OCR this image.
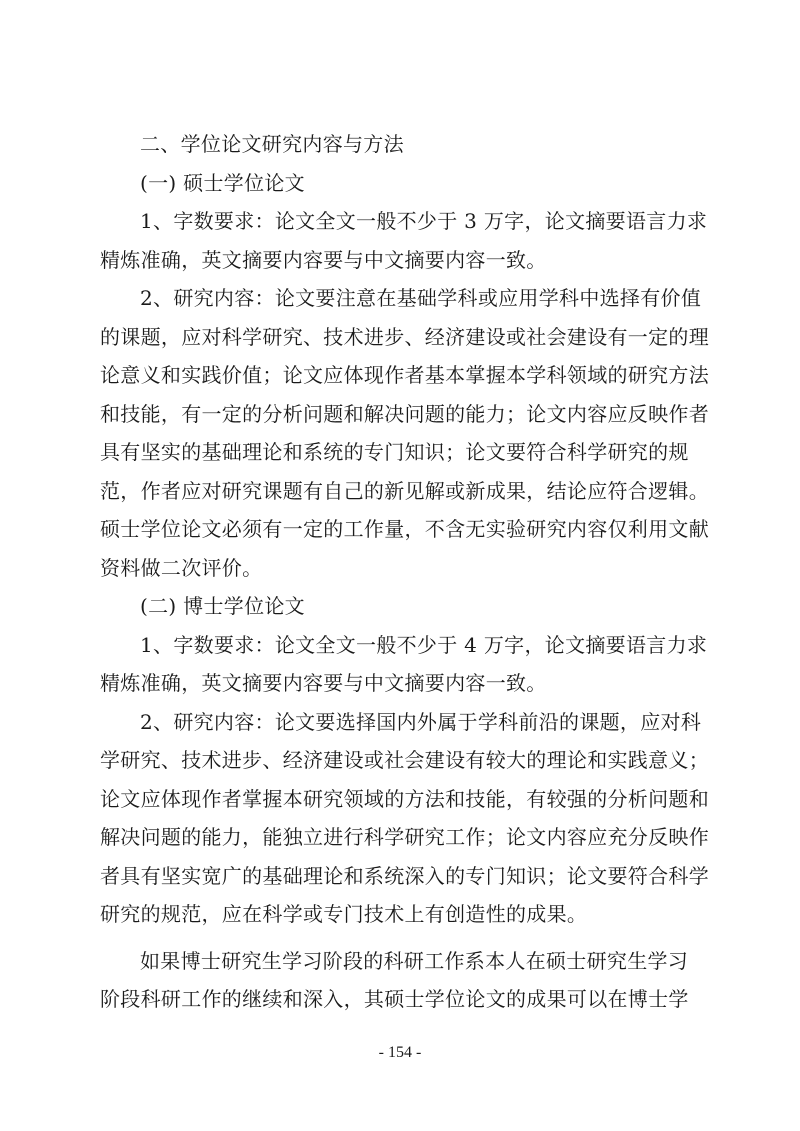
二、学位论文研究内容与方法
(一) 硕士学位论文
1、字数要求：论文全文一般不少于 3 万字，论文摘要语言力求
精炼准确，英文摘要内容要与中文摘要内容一致。
2、研究内容：论文要注意在基础学科或应用学科中选择有价值
的课题，应对科学研究、技术进步、经济建设或社会建设有一定的理
论意义和实践价值；论文应体现作者基本掌握本学科领域的研究方法
和技能，有一定的分析问题和解决问题的能力；论文内容应反映作者
具有坚实的基础理论和系统的专门知识；论文要符合科学研究的规
范，作者应对研究课题有自己的新见解或新成果，结论应符合逻辑。
硕士学位论文必须有一定的工作量，不含无实验研究内容仅利用文献
资料做二次评价。
(二) 博士学位论文
1、字数要求：论文全文一般不少于 4 万字，论文摘要语言力求
精炼准确，英文摘要内容要与中文摘要内容一致。
2、研究内容：论文要选择国内外属于学科前沿的课题，应对科
学研究、技术进步、经济建设或社会建设有较大的理论和实践意义；
论文应体现作者掌握本研究领域的方法和技能，有较强的分析问题和
解决问题的能力，能独立进行科学研究工作；论文内容应充分反映作
者具有坚实宽广的基础理论和系统深入的专门知识；论文要符合科学
研究的规范，应在科学或专门技术上有创造性的成果。
如果博士研究生学习阶段的科研工作系本人在硕士研究生学习
阶段科研工作的继续和深入，其硕士学位论文的成果可以在博士学
- 154 -
